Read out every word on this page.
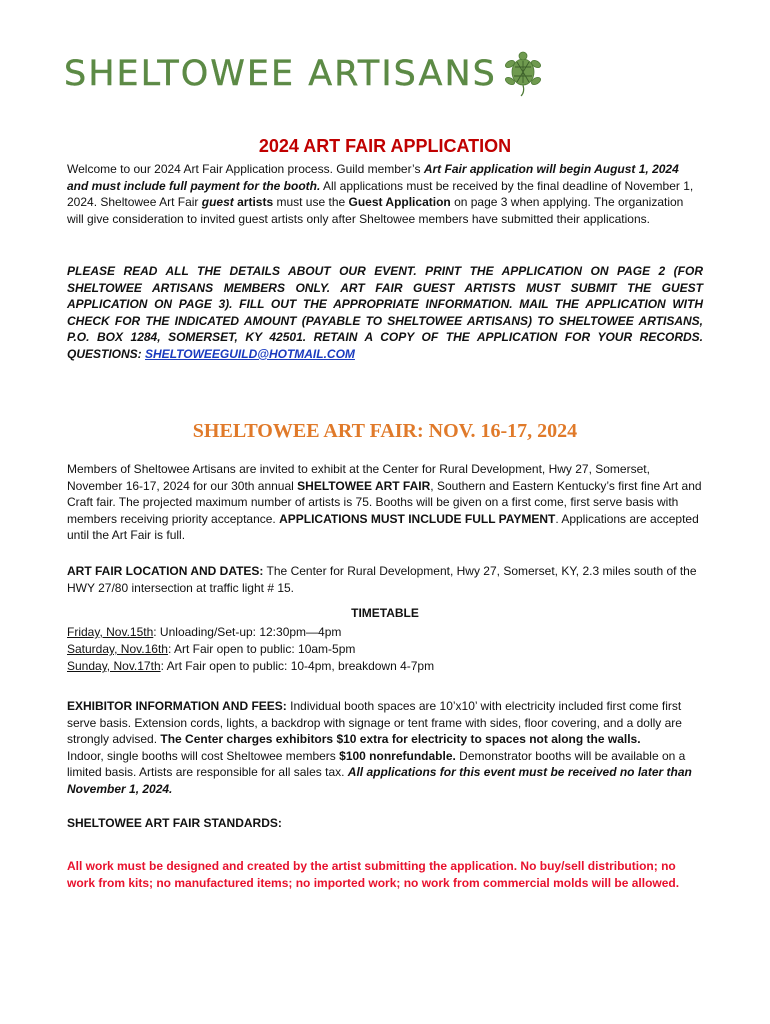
SHELTOWEE ARTISANS
2024 ART FAIR APPLICATION
Welcome to our 2024 Art Fair Application process. Guild member’s Art Fair application will begin August 1, 2024 and must include full payment for the booth. All applications must be received by the final deadline of November 1, 2024. Sheltowee Art Fair guest artists must use the Guest Application on page 3 when applying. The organization will give consideration to invited guest artists only after Sheltowee members have submitted their applications.
PLEASE READ ALL THE DETAILS ABOUT OUR EVENT. PRINT THE APPLICATION ON PAGE 2 (FOR SHELTOWEE ARTISANS MEMBERS ONLY. ART FAIR GUEST ARTISTS MUST SUBMIT THE GUEST APPLICATION ON PAGE 3). FILL OUT THE APPROPRIATE INFORMATION. MAIL THE APPLICATION WITH CHECK FOR THE INDICATED AMOUNT (PAYABLE TO SHELTOWEE ARTISANS) TO SHELTOWEE ARTISANS, P.O. BOX 1284, SOMERSET, KY 42501. RETAIN A COPY OF THE APPLICATION FOR YOUR RECORDS. QUESTIONS: SHELTOWEEGUILD@HOTMAIL.COM
SHELTOWEE ART FAIR: NOV. 16-17, 2024
Members of Sheltowee Artisans are invited to exhibit at the Center for Rural Development, Hwy 27, Somerset, November 16-17, 2024 for our 30th annual SHELTOWEE ART FAIR, Southern and Eastern Kentucky’s first fine Art and Craft fair. The projected maximum number of artists is 75. Booths will be given on a first come, first serve basis with members receiving priority acceptance. APPLICATIONS MUST INCLUDE FULL PAYMENT. Applications are accepted until the Art Fair is full.
ART FAIR LOCATION AND DATES: The Center for Rural Development, Hwy 27, Somerset, KY, 2.3 miles south of the HWY 27/80 intersection at traffic light # 15.
TIMETABLE
Friday, Nov.15th: Unloading/Set-up: 12:30pm—4pm
Saturday, Nov.16th: Art Fair open to public: 10am-5pm
Sunday, Nov.17th: Art Fair open to public: 10-4pm, breakdown 4-7pm
EXHIBITOR INFORMATION AND FEES: Individual booth spaces are 10’x10’ with electricity included first come first serve basis. Extension cords, lights, a backdrop with signage or tent frame with sides, floor covering, and a dolly are strongly advised. The Center charges exhibitors $10 extra for electricity to spaces not along the walls.
Indoor, single booths will cost Sheltowee members $100 nonrefundable. Demonstrator booths will be available on a limited basis. Artists are responsible for all sales tax. All applications for this event must be received no later than November 1, 2024.
SHELTOWEE ART FAIR STANDARDS:
All work must be designed and created by the artist submitting the application. No buy/sell distribution; no work from kits; no manufactured items; no imported work; no work from commercial molds will be allowed.
